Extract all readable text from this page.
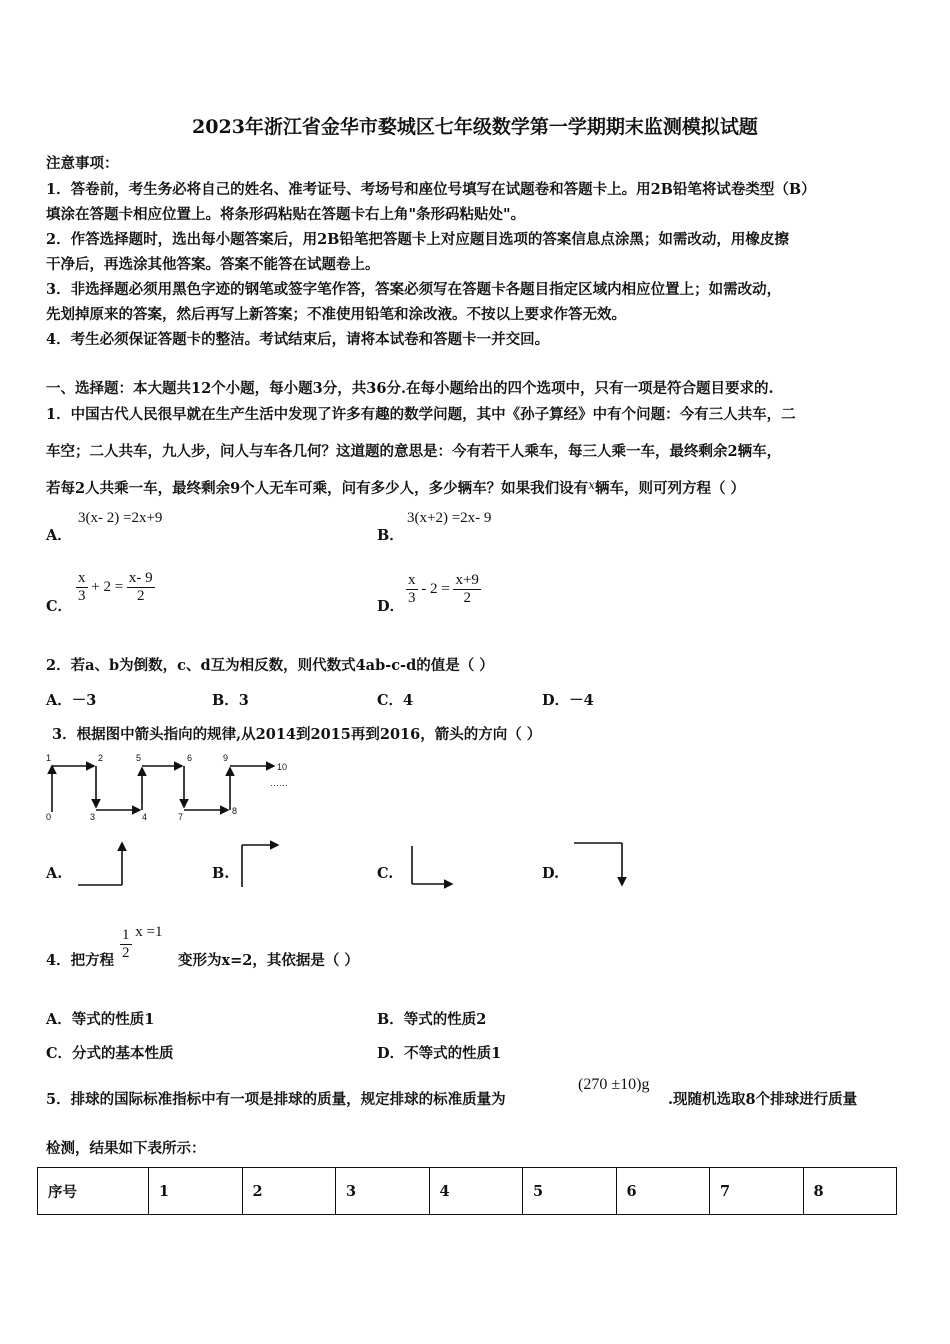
2023年浙江省金华市婺城区七年级数学第一学期期末监测模拟试题
注意事项：
1．答卷前，考生务必将自己的姓名、准考证号、考场号和座位号填写在试题卷和答题卡上。用2B铅笔将试卷类型（B）
填涂在答题卡相应位置上。将条形码粘贴在答题卡右上角"条形码粘贴处"。
2．作答选择题时，选出每小题答案后，用2B铅笔把答题卡上对应题目选项的答案信息点涂黑；如需改动，用橡皮擦
干净后，再选涂其他答案。答案不能答在试题卷上。
3．非选择题必须用黑色字迹的钢笔或签字笔作答，答案必须写在答题卡各题目指定区域内相应位置上；如需改动，
先划掉原来的答案，然后再写上新答案；不准使用铅笔和涂改液。不按以上要求作答无效。
4．考生必须保证答题卡的整洁。考试结束后，请将本试卷和答题卡一并交回。
一、选择题：本大题共12个小题，每小题3分，共36分.在每小题给出的四个选项中，只有一项是符合题目要求的.
1．中国古代人民很早就在生产生活中发现了许多有趣的数学问题，其中《孙子算经》中有个问题：今有三人共车，二
车空；二人共车，九人步，问人与车各几何？这道题的意思是：今有若干人乘车，每三人乘一车，最终剩余2辆车，
若每2人共乘一车，最终剩余9个人无车可乘，问有多少人，多少辆车？如果我们设有$^x$辆车，则可列方程（ ）
A．
3(x- 2) =2x+9
B．
3(x+2) =2x- 9
C．
$\frac{x}{3} + 2 = \frac{x- 9}{2}$
D． $\frac{x}{3} - 2 = \frac{x+9}{2}$
2．若a、b为倒数，c、d互为相反数，则代数式4ab-c-d的值是（ ）
A．－3	B．3	C．4	D．－4
3．根据图中箭头指向的规律,从2014到2015再到2016，箭头的方向（ ）
1	2	5	6	9
10
0	3	4	7
8
……
A.	B.	C.	D.
4．把方程 $\frac{1}{2}$ x =1
变形为x=2，其依据是（ ）
A．等式的性质1	B．等式的性质2
C．分式的基本性质	D．不等式的性质1
5．排球的国际标准指标中有一项是排球的质量，规定排球的标准质量为
(270 ±10)g
.现随机选取8个排球进行质量
检测，结果如下表所示：
序号	1	2	3	4	5	6	7	8
